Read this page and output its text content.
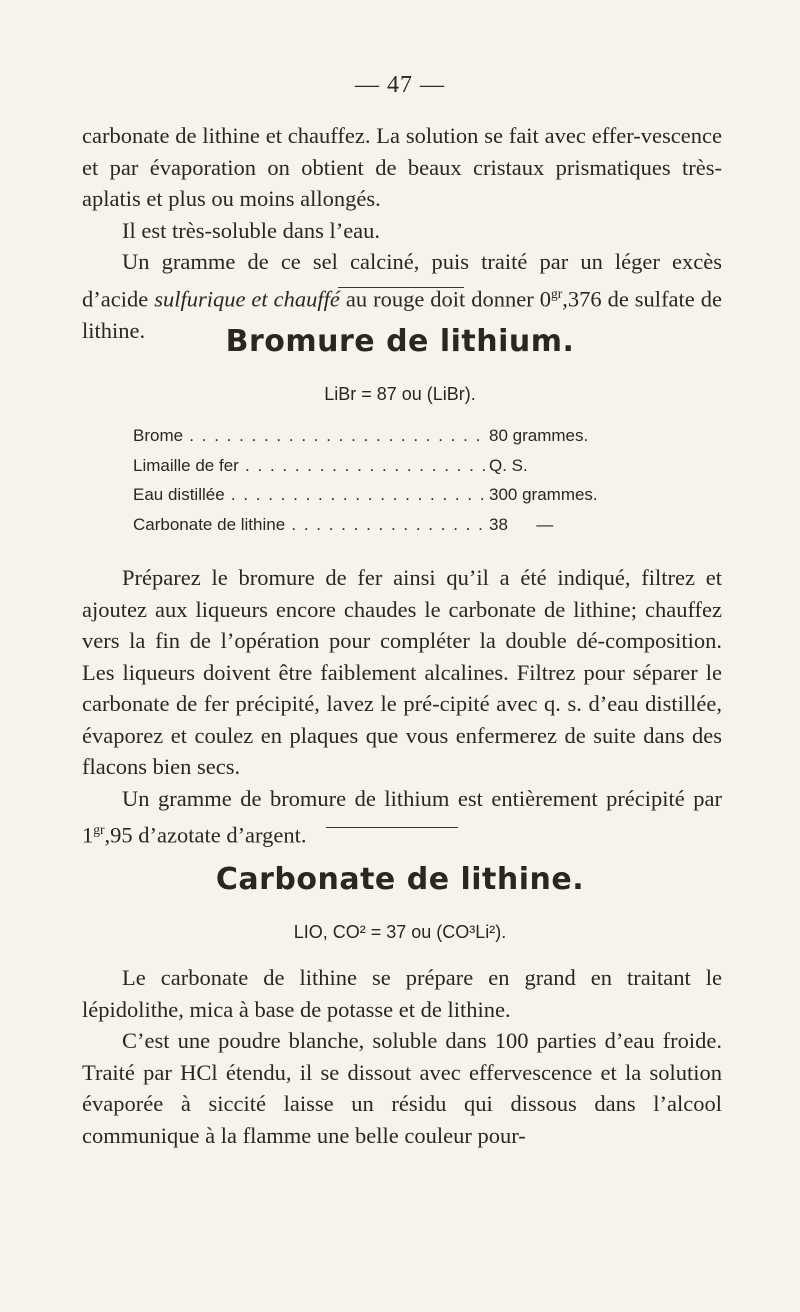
— 47 —

carbonate de lithine et chauffez. La solution se fait avec effer-vescence et par évaporation on obtient de beaux cristaux prismatiques très-aplatis et plus ou moins allongés.

Il est très-soluble dans l’eau.

Un gramme de ce sel calciné, puis traité par un léger excès d’acide sulfurique et chauffé au rouge doit donner $0^{gr},376$ de sulfate de lithine.	Bromure de lithium.
LiBr = 87 ou (LiBr).
Brome . . .	80 grammes.
Limaille de fer . . .	Q. S.
Eau distillée . . .	300 grammes.
Carbonate de lithine . . .	38      —

Préparez le bromure de fer ainsi qu’il a été indiqué, filtrez et ajoutez aux liqueurs encore chaudes le carbonate de lithine; chauffez vers la fin de l’opération pour compléter la double dé-composition. Les liqueurs doivent être faiblement alcalines. Filtrez pour séparer le carbonate de fer précipité, lavez le pré-cipité avec q. s. d’eau distillée, évaporez et coulez en plaques que vous enfermerez de suite dans des flacons bien secs.

Un gramme de bromure de lithium est entièrement précipité par $1^{gr},95$ d’azotate d’argent.

Carbonate de lithine.
LIO, CO² = 37 ou (CO³Li²).

Le carbonate de lithine se prépare en grand en traitant le lépidolithe, mica à base de potasse et de lithine.

C’est une poudre blanche, soluble dans 100 parties d’eau froide. Traité par HCl étendu, il se dissout avec effervescence et la solution évaporée à siccité laisse un résidu qui dissous dans l’alcool communique à la flamme une belle couleur pour-
